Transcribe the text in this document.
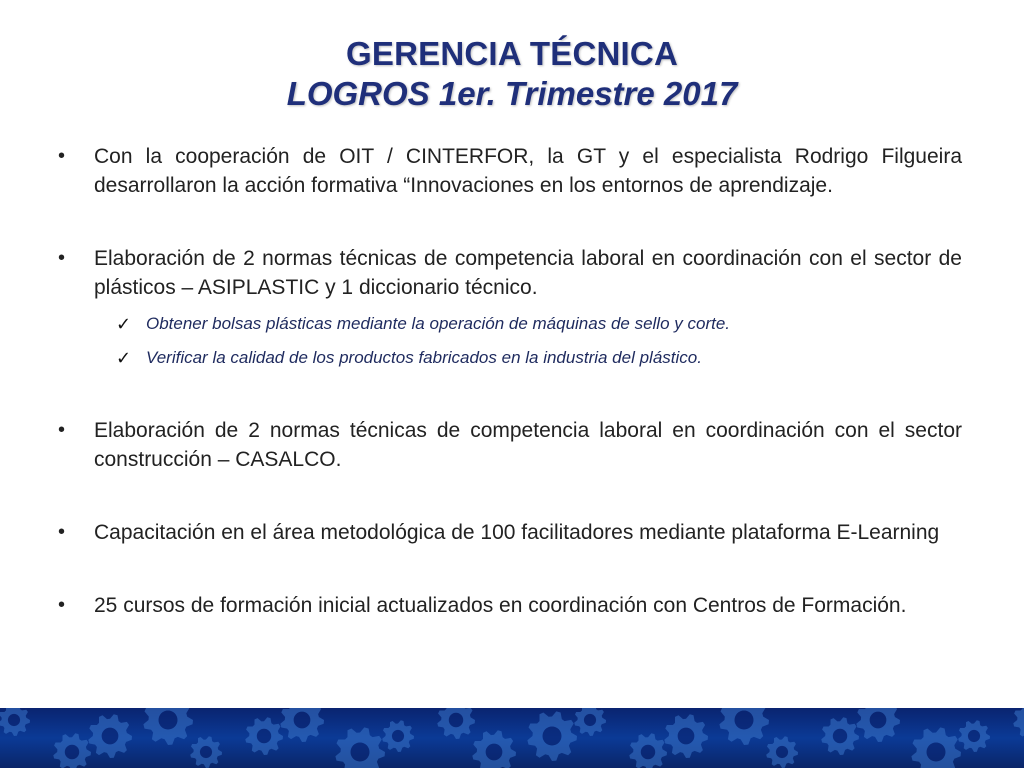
GERENCIA TÉCNICA
LOGROS 1er. Trimestre 2017
•	Con la cooperación de OIT / CINTERFOR, la GT y el especialista Rodrigo Filgueira desarrollaron la acción formativa “Innovaciones en los entornos de aprendizaje.
•	Elaboración de 2 normas técnicas de competencia laboral en coordinación con el sector de plásticos – ASIPLASTIC y 1 diccionario técnico.
✓ Obtener bolsas plásticas mediante la operación de máquinas de sello y corte.
✓ Verificar la calidad de los productos fabricados en la industria del plástico.
•	Elaboración de 2 normas técnicas de competencia laboral en coordinación con el sector construcción – CASALCO.
•	Capacitación en el área metodológica de 100 facilitadores mediante plataforma E-Learning
•	25 cursos de formación inicial actualizados en coordinación con Centros de Formación.
